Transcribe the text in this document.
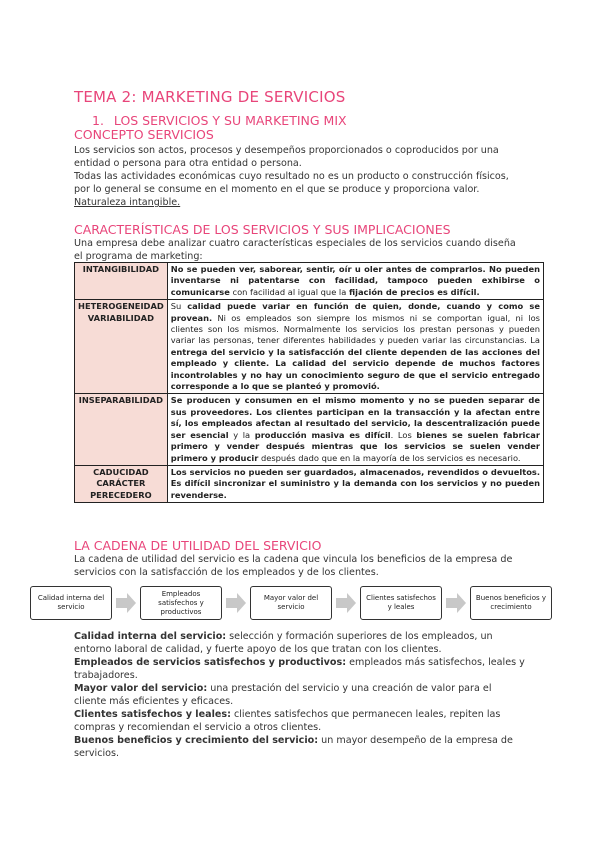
TEMA 2: MARKETING DE SERVICIOS
1. LOS SERVICIOS Y SU MARKETING MIX
CONCEPTO SERVICIOS
Los servicios son actos, procesos y desempeños proporcionados o coproducidos por una entidad o persona para otra entidad o persona.
Todas las actividades económicas cuyo resultado no es un producto o construcción físicos, por lo general se consume en el momento en el que se produce y proporciona valor. Naturaleza intangible.
CARACTERÍSTICAS DE LOS SERVICIOS Y SUS IMPLICACIONES
Una empresa debe analizar cuatro características especiales de los servicios cuando diseña el programa de marketing:
INTANGIBILIDAD	No se pueden ver, saborear, sentir, oír u oler antes de comprarlos. No pueden inventarse ni patentarse con facilidad, tampoco pueden exhibirse o comunicarse con facilidad al igual que la fijación de precios es difícil.
HETEROGENEIDAD VARIABILIDAD	Su calidad puede variar en función de quien, donde, cuando y como se provean. Ni os empleados son siempre los mismos ni se comportan igual, ni los clientes son los mismos. Normalmente los servicios los prestan personas y pueden variar las personas, tener diferentes habilidades y pueden variar las circunstancias. La entrega del servicio y la satisfacción del cliente dependen de las acciones del empleado y cliente. La calidad del servicio depende de muchos factores incontrolables y no hay un conocimiento seguro de que el servicio entregado corresponde a lo que se planteó y promovió.
INSEPARABILIDAD	Se producen y consumen en el mismo momento y no se pueden separar de sus proveedores. Los clientes participan en la transacción y la afectan entre sí, los empleados afectan al resultado del servicio, la descentralización puede ser esencial y la producción masiva es difícil. Los bienes se suelen fabricar primero y vender después mientras que los servicios se suelen vender primero y producir después dado que en la mayoría de los servicios es necesario.
CADUCIDAD CARÁCTER PERECEDERO	Los servicios no pueden ser guardados, almacenados, revendidos o devueltos. Es difícil sincronizar el suministro y la demanda con los servicios y no pueden revenderse.
LA CADENA DE UTILIDAD DEL SERVICIO
La cadena de utilidad del servicio es la cadena que vincula los beneficios de la empresa de servicios con la satisfacción de los empleados y de los clientes.
Calidad interna del servicio
Empleados satisfechos y productivos
Mayor valor del servicio
Clientes satisfechos y leales
Buenos beneficios y crecimiento
Calidad interna del servicio: selección y formación superiores de los empleados, un entorno laboral de calidad, y fuerte apoyo de los que tratan con los clientes.
Empleados de servicios satisfechos y productivos: empleados más satisfechos, leales y trabajadores.
Mayor valor del servicio: una prestación del servicio y una creación de valor para el cliente más eficientes y eficaces.
Clientes satisfechos y leales: clientes satisfechos que permanecen leales, repiten las compras y recomiendan el servicio a otros clientes.
Buenos beneficios y crecimiento del servicio: un mayor desempeño de la empresa de servicios.
